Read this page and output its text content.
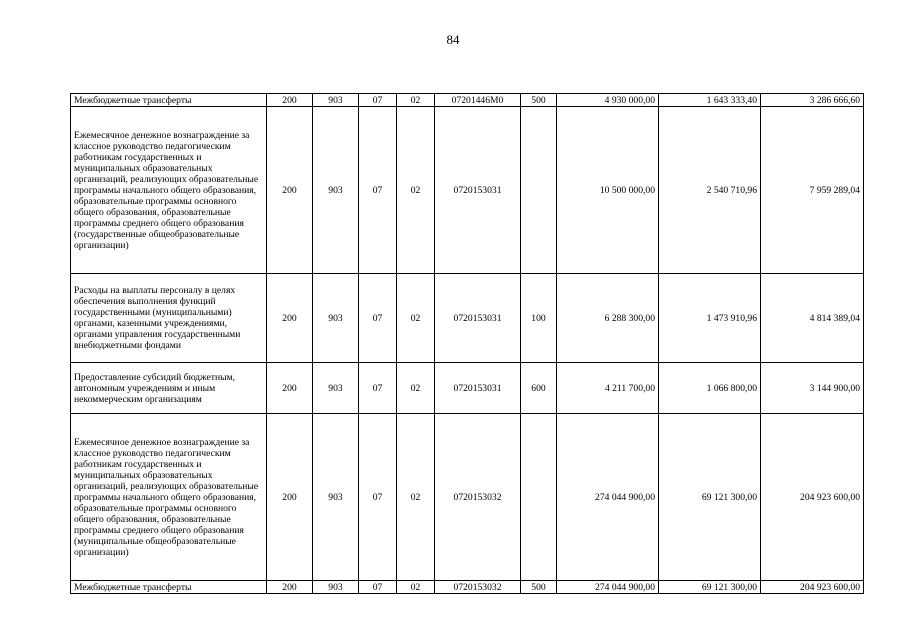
84
Межбюджетные трансферты	200	903	07	02	07201446M0	500	4 930 000,00	1 643 333,40	3 286 666,60
Ежемесячное денежное вознаграждение за классное руководство педагогическим работникам государственных и муниципальных образовательных организаций, реализующих образовательные программы начального общего образования, образовательные программы основного общего образования, образовательные программы среднего общего образования (государственные общеобразовательные организации)	200	903	07	02	0720153031		10 500 000,00	2 540 710,96	7 959 289,04
Расходы на выплаты персоналу в целях обеспечения выполнения функций государственными (муниципальными) органами, казенными учреждениями, органами управления государственными внебюджетными фондами	200	903	07	02	0720153031	100	6 288 300,00	1 473 910,96	4 814 389,04
Предоставление субсидий бюджетным, автономным учреждениям и иным некоммерческим организациям	200	903	07	02	0720153031	600	4 211 700,00	1 066 800,00	3 144 900,00
Ежемесячное денежное вознаграждение за классное руководство педагогическим работникам государственных и муниципальных образовательных организаций, реализующих образовательные программы начального общего образования, образовательные программы основного общего образования, образовательные программы среднего общего образования (муниципальные общеобразовательные организации)	200	903	07	02	0720153032		274 044 900,00	69 121 300,00	204 923 600,00
Межбюджетные трансферты	200	903	07	02	0720153032	500	274 044 900,00	69 121 300,00	204 923 600,00
